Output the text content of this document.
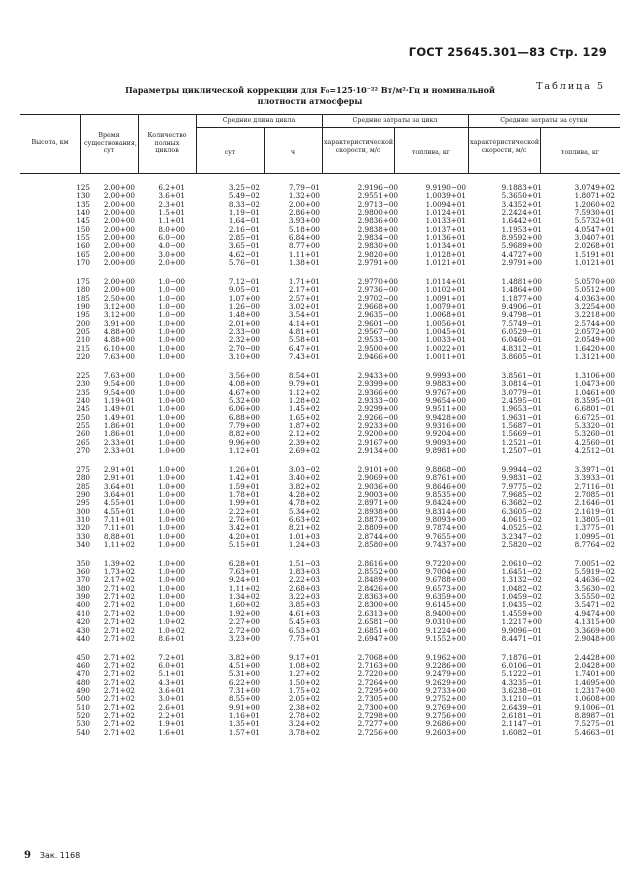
ГОСТ 25645.301—83 Стр. 129
Таблица 5
Параметры циклической коррекции для F₀=125·10⁻²² Вт/м²·Гц и номинальной
плотности атмосферы
Высота, км
Время существования, сут
Количество полных циклов
Средние длина цикла	Средние затраты за цикл	Средние затраты за сутки
сут	ч
характеристической скорости, м/с	топлива, кг
характеристической скорости, м/с	топлива, кг
125	2.00+00	6.2+01	3.25−02	7.79−01	2.9196−00	9.9190−00	9.1883+01	3.0749+02
130	2.00+00	3.6+01	5.49−02	1.32+00	2.9551+00	1.0039+01	5.3650+01	1.8071+02
135	2.00+00	2.3+01	8.33−02	2.00+00	2.9713−00	1.0094+01	3.4352+01	1.2060+02
140	2.00+00	1.5+01	1.19−01	2.86+00	2.9800+00	1.0124+01	2.2424+01	7.5930+01
145	2.00+00	1.1+01	1.64−01	3.93+00	2.9836+00	1.0133+01	1.6442+01	5.5732+01
150	2.00+00	8.0+00	2.16−01	5.18+00	2.9838+00	1.0137+01	1.1953+01	4.0547+01
155	2.00+00	6.0−00	2.85−01	6.84+00	2.9834−00	1.0136+01	8.9592+00	3.0407+01
160	2.00+00	4.0−00	3.65−01	8.77+00	2.9830+00	1.0134+01	5.9689+00	2.0268+01
165	2.00+00	3.0+00	4.62−01	1.11+01	2.9820+00	1.0128+01	4.4727+00	1.5191+01
170	2.00+00	2.0+00	5.76−01	1.38+01	2.9791+00	1.0121+01	2.9791+00	1.0121+01
175	2.00+00	1.0−00	7.12−01	1.71+01	2.9770+00	1.0114+01	1.4881+00	5.0570+00
180	2.00+00	1.0−00	9.05−01	2.17+01	2.9736−00	1.0102+01	1.4864+00	5.0512+00
185	2.50+00	1.0−00	1.07+00	2.57+01	2.9702−00	1.0091+01	1.1877+00	4.0363+00
190	3.12+00	1.0−00	1.26−00	3.02+01	2.9668+00	1.0079+01	9.4906−01	3.2254+00
195	3.12+00	1.0−00	1.48+00	3.54+01	2.9635−00	1.0068+01	9.4798−01	3.2218+00
200	3.91+00	1.0+00	2.01+00	4.14+01	2.9601−00	1.0056+01	7.5749−01	2.5744+00
205	4.88+00	1.0+00	2.33−00	4.81+01	2.9567−00	1.0045+01	6.0529−01	2.0572+00
210	4.88+00	1.0+00	2.32+00	5.58+01	2.9533−00	1.0033+01	6.0460−01	2.0549+00
215	6.10+00	1.0+00	2.70−00	6.47+01	2.9500+00	1.0022+01	4.8312−01	1.6420+00
220	7.63+00	1.0+00	3.10+00	7.43+01	2.9466+00	1.0011+01	3.8605−01	1.3121+00
225	7.63+00	1.0+00	3.56+00	8.54+01	2.9433+00	9.9993+00	3.8561−01	1.3106+00
230	9.54+00	1.0+00	4.08+00	9.79+01	2.9399+00	9.9883+00	3.0814−01	1.0473+00
235	9.54+00	1.0+00	4.67+00	1.12+02	2.9366+00	9.9767+00	3.0779−01	1.0461+00
240	1.19+01	1.0+00	5.32+00	1.28+02	2.9333−00	9.9654+00	2.4595−01	8.3595−01
245	1.49+01	1.0+00	6.06+00	1.45+02	2.9299+00	9.9511+00	1.9653−01	6.6801−01
250	1.49+01	1.0+00	6.88+00	1.65+02	2.9266−00	9.9428+00	1.9631−01	6.6725−01
255	1.86+01	1.0+00	7.79+00	1.87+02	2.9233+00	9.9316+00	1.5687−01	5.3320−01
260	1.86+01	1.0+00	8.82+00	2.12+02	2.9200+00	9.9204+00	1.5669−01	5.3260−01
265	2.33+01	1.0+00	9.96+00	2.39+02	2.9167+00	9.9093+00	1.2521−01	4.2560−01
270	2.33+01	1.0+00	1.12+01	2.69+02	2.9134+00	9.8981+00	1.2507−01	4.2512−01
275	2.91+01	1.0+00	1.26+01	3.03−02	2.9101+00	9.8868−00	9.9944−02	3.3971−01
280	2.91+01	1.0+00	1.42+01	3.40+02	2.9069+00	9.8761+00	9.9831−02	3.3933−01
285	3.64+01	1.0+00	1.59+01	3.82+02	2.9036+00	9.8646+00	7.9775−02	2.7116−01
290	3.64+01	1.0+00	1.78+01	4.28+02	2.9003+00	9.8535+00	7.9685−02	2.7085−01
295	4.55+01	1.0+00	1.99+01	4.78+02	2.8971+00	9.8424+00	6.3682−02	2.1646−01
300	4.55+01	1.0+00	2.22+01	5.34+02	2.8938+00	9.8314+00	6.3605−02	2.1619−01
310	7.11+01	1.0+00	2.76+01	6.63+02	2.8873+00	9.8093+00	4.0615−02	1.3805−01
320	7.11+01	1.0+00	3.42+01	8.21+02	2.8809+00	9.7874+00	4.0525−02	1.3775−01
330	8.88+01	1.0+00	4.20+01	1.01+03	2.8744+00	9.7655+00	3.2347−02	1.0995−01
340	1.11+02	1.0+00	5.15+01	1.24+03	2.8580+00	9.7437+00	2.5820−02	8.7764−02
350	1.39+02	1.0+00	6.28+01	1.51−03	2.8616+00	9.7220+00	2.0610−02	7.0051−02
360	1.73+02	1.0+00	7.63+01	1.83+03	2.8552+00	9.7004+00	1.6451−02	5.5919−02
370	2.17+02	1.0+00	9.24+01	2.22+03	2.8489+00	9.6788+00	1.3132−02	4.4636−02
380	2.71+02	1.0+00	1.11+02	2.68+03	2.8426+00	9.6573+00	1.0482−02	3.5630−02
390	2.71+02	1.0+00	1.34+02	3.22+03	2.8363+00	9.6359+00	1.0459−02	3.5550−02
400	2.71+02	1.0+00	1.60+02	3.85+03	2.8300+00	9.6145+00	1.0435−02	3.5471−02
410	2.71+02	1.0+00	1.92+00	4.61+03	2.6313+00	8.9400+00	1.4559+00	4.9474+00
420	2.71+02	1.0+02	2.27+00	5.45+03	2.6581−00	9.0310+00	1.2217+00	4.1315+00
430	2.71+02	1.0+02	2.72+00	6.53+03	2.6851+00	9.1224+00	9.9096−01	3.3669+00
440	2.71+02	8.6+01	3.23+00	7.75+01	2.6947+00	9.1552+00	8.4471−01	2.9048+00
450	2.71+02	7.2+01	3.82+00	9.17+01	2.7068+00	9.1962+00	7.1876−01	2.4428+00
460	2.71+02	6.0+01	4.51+00	1.08+02	2.7163+00	9.2286+00	6.0106−01	2.0428+00
470	2.71+02	5.1+01	5.31+00	1.27+02	2.7220+00	9.2479+00	5.1222−01	1.7401+00
480	2.71+02	4.3+01	6.22+00	1.50+02	2.7264+00	9.2629+00	4.3235−01	1.4695+00
490	2.71+02	3.6+01	7.31+00	1.75+02	2.7295+00	9.2733+00	3.6238−01	1.2317+00
500	2.71+02	3.0+01	8.55+00	2.05+02	2.7305+00	9.2752+00	3.1210−01	1.0608+00
510	2.71+02	2.6+01	9.91+00	2.38+02	2.7300+00	9.2769+00	2.6439−01	9.1006−01
520	2.71+02	2.2+01	1.16+01	2.78+02	2.7298+00	9.2756+00	2.6181−01	8.8987−01
530	2.71+02	1.9+01	1.35+01	3.24+02	2.7277+00	9.2686+00	2.1147−01	7.5275−01
540	2.71+02	1.6+01	1.57+01	3.78+02	2.7256+00	9.2603+00	1.6082−01	5.4663−01
9 Зак. 1168
